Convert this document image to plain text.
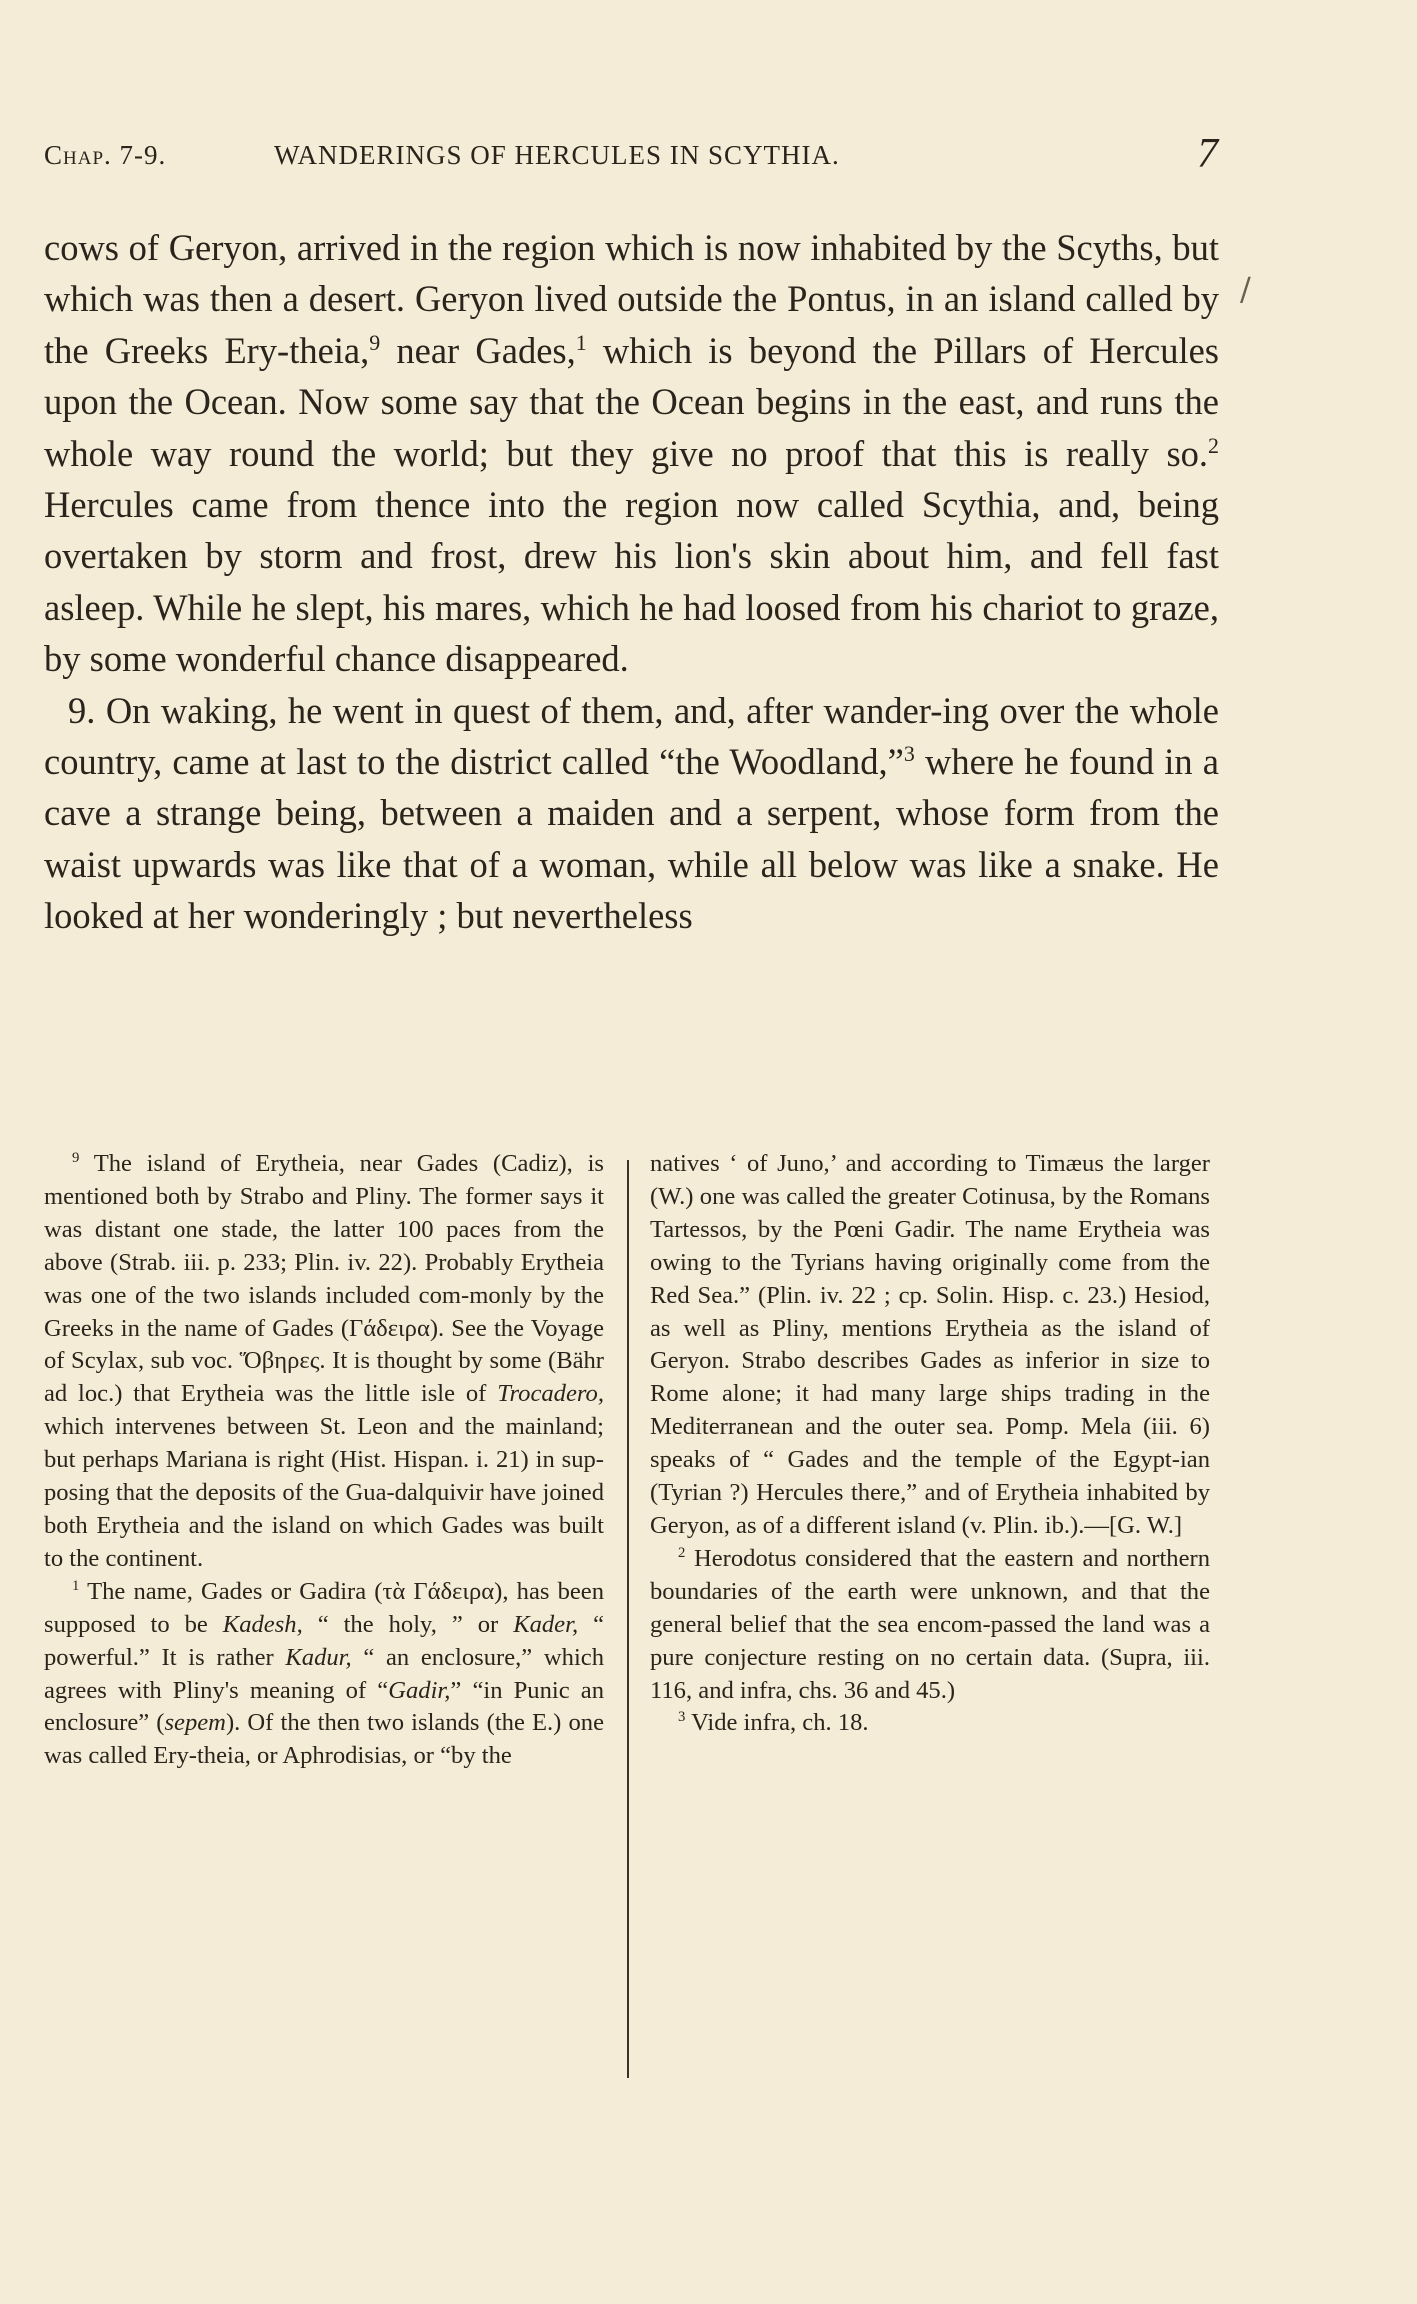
Chap. 7-9.	WANDERINGS OF HERCULES IN SCYTHIA.	7
/

cows of Geryon, arrived in the region which is now inhabited by the Scyths, but which was then a desert. Geryon lived outside the Pontus, in an island called by the Greeks Ery-theia,$^9$ near Gades,$^1$ which is beyond the Pillars of Hercules upon the Ocean. Now some say that the Ocean begins in the east, and runs the whole way round the world; but they give no proof that this is really so.$^2$ Hercules came from thence into the region now called Scythia, and, being overtaken by storm and frost, drew his lion's skin about him, and fell fast asleep. While he slept, his mares, which he had loosed from his chariot to graze, by some wonderful chance disappeared.

9. On waking, he went in quest of them, and, after wander-ing over the whole country, came at last to the district called “the Woodland,”$^3$ where he found in a cave a strange being, between a maiden and a serpent, whose form from the waist upwards was like that of a woman, while all below was like a snake. He looked at her wonderingly ; but nevertheless

$^9$ The island of Erytheia, near Gades (Cadiz), is mentioned both by Strabo and Pliny. The former says it was distant one stade, the latter 100 paces from the above (Strab. iii. p. 233; Plin. iv. 22). Probably Erytheia was one of the two islands included com-monly by the Greeks in the name of Gades (Γάδειρα). See the Voyage of Scylax, sub voc. Ὅβηρες. It is thought by some (Bähr ad loc.) that Erytheia was the little isle of Trocadero, which intervenes between St. Leon and the mainland; but perhaps Mariana is right (Hist. Hispan. i. 21) in sup-posing that the deposits of the Gua-dalquivir have joined both Erytheia and the island on which Gades was built to the continent.

$^1$ The name, Gades or Gadira (τὰ Γάδειρα), has been supposed to be Kadesh, “ the holy, ” or Kader, “ powerful.” It is rather Kadur, “ an enclosure,” which agrees with Pliny's meaning of “Gadir,” “in Punic an enclosure” (sepem). Of the then two islands (the E.) one was called Ery-theia, or Aphrodisias, or “by the

natives ‘ of Juno,’ and according to Timæus the larger (W.) one was called the greater Cotinusa, by the Romans Tartessos, by the Pœni Gadir. The name Erytheia was owing to the Tyrians having originally come from the Red Sea.” (Plin. iv. 22 ; cp. Solin. Hisp. c. 23.) Hesiod, as well as Pliny, mentions Erytheia as the island of Geryon. Strabo describes Gades as inferior in size to Rome alone; it had many large ships trading in the Mediterranean and the outer sea. Pomp. Mela (iii. 6) speaks of “ Gades and the temple of the Egypt-ian (Tyrian ?) Hercules there,” and of Erytheia inhabited by Geryon, as of a different island (v. Plin. ib.).—[G. W.]

$^2$ Herodotus considered that the eastern and northern boundaries of the earth were unknown, and that the general belief that the sea encom-passed the land was a pure conjecture resting on no certain data. (Supra, iii. 116, and infra, chs. 36 and 45.)

$^3$ Vide infra, ch. 18.
